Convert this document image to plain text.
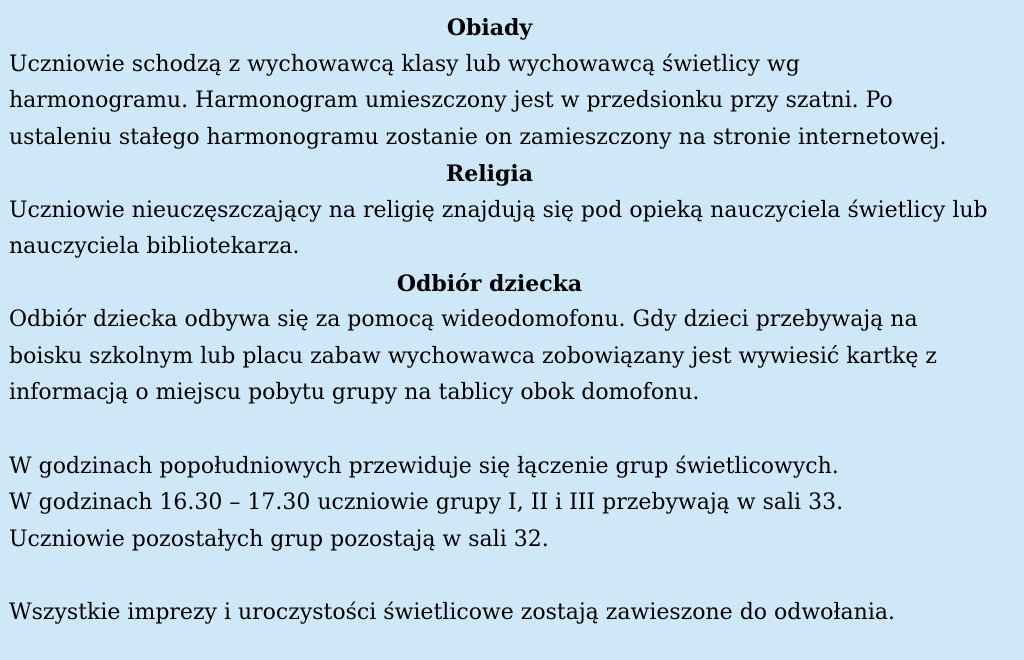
Obiady

Uczniowie schodzą z wychowawcą klasy lub wychowawcą świetlicy wg

harmonogramu. Harmonogram umieszczony jest w przedsionku przy szatni. Po

ustaleniu stałego harmonogramu zostanie on zamieszczony na stronie internetowej.

Religia

Uczniowie nieuczęszczający na religię znajdują się pod opieką nauczyciela świetlicy lub

nauczyciela bibliotekarza.

Odbiór dziecka

Odbiór dziecka odbywa się za pomocą wideodomofonu. Gdy dzieci przebywają na

boisku szkolnym lub placu zabaw wychowawca zobowiązany jest wywiesić kartkę z

informacją o miejscu pobytu grupy na tablicy obok domofonu.

W godzinach popołudniowych przewiduje się łączenie grup świetlicowych.

W godzinach 16.30 – 17.30 uczniowie grupy I, II i III przebywają w sali 33.

Uczniowie pozostałych grup pozostają w sali 32.

Wszystkie imprezy i uroczystości świetlicowe zostają zawieszone do odwołania.
